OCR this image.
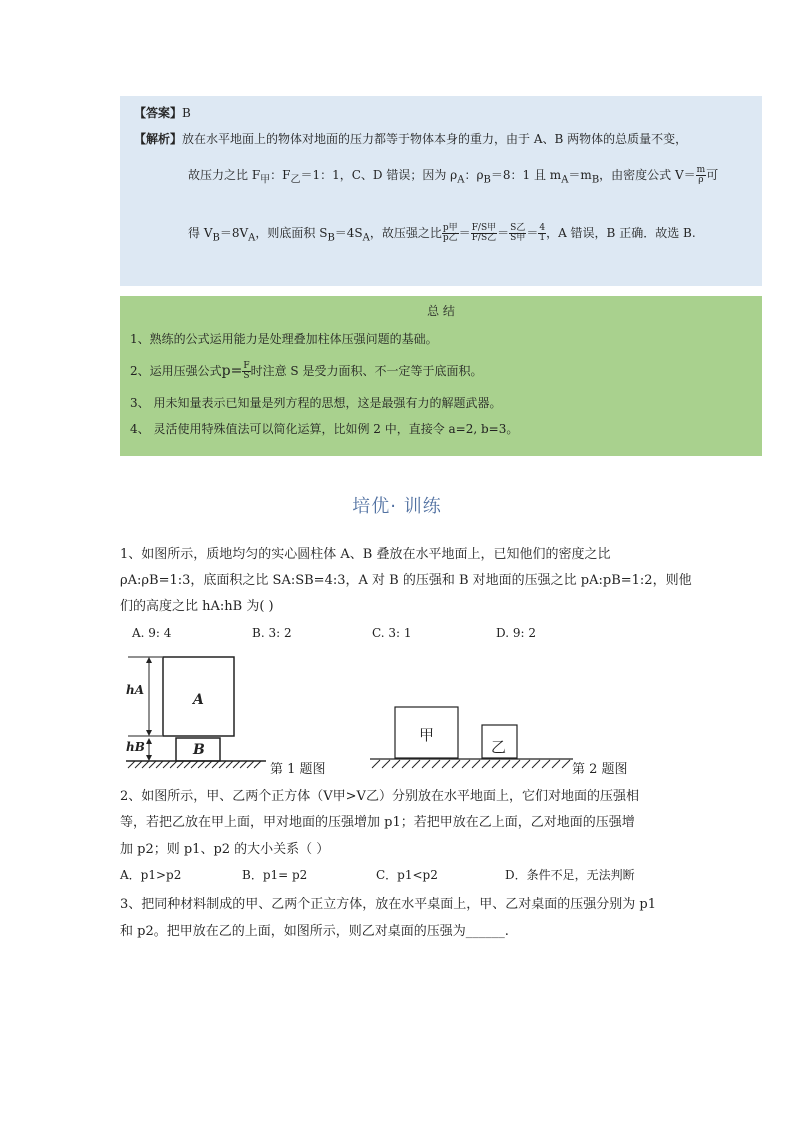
【答案】B
【解析】放在水平地面上的物体对地面的压力都等于物体本身的重力，由于 A、B 两物体的总质量不变，
故压力之比 $F_甲$：$F_乙=1$：1，C、D 错误；因为 $\rho_A$：$\rho_B=8$：1 且 $m_A=m_B$，由密度公式 $V= \frac{m}{\rho}$ 可
得 $V_B=8V_A$，则底面积 $S_B=4S_A$，故压强之比 $\frac{\text{p甲}}{\text{p乙}} = \frac{\text{F/S甲}}{\text{F/S乙}} = \frac{\text{S乙}}{\text{S甲}} = \frac{4}{1}$ ，A 错误，B 正确．故选 B.
总 结
1、熟练的公式运用能力是处理叠加柱体压强问题的基础。
2、运用压强公式$p= \frac{F}{S}$ 时注意 S 是受力面积、不一定等于底面积。
3、 用未知量表示已知量是列方程的思想，这是最强有力的解题武器。
4、 灵活使用特殊值法可以简化运算，比如例 2 中，直接令 a=2, b=3。
培优· 训练
1、如图所示，质地均匀的实心圆柱体 A、B 叠放在水平地面上，已知他们的密度之比
ρA:ρB=1:3，底面积之比 SA:SB=4:3，A 对 B 的压强和 B 对地面的压强之比 pA:pB=1:2，则他
们的高度之比 hA:hB 为( )
A. 9: 4	B. 3: 2	C. 3: 1	D. 9: 2
hA
hB
A
B
第 1 题图
甲
乙
第 2 题图
2、如图所示，甲、乙两个正方体（V甲>V乙）分别放在水平地面上，它们对地面的压强相
等，若把乙放在甲上面，甲对地面的压强增加 p1；若把甲放在乙上面，乙对地面的压强增
加 p2；则 p1、p2 的大小关系（ ）
A．p1>p2	B．p1= p2	C．p1<p2	D．条件不足，无法判断
3、把同种材料制成的甲、乙两个正立方体，放在水平桌面上，甲、乙对桌面的压强分别为 p1
和 p2。把甲放在乙的上面，如图所示，则乙对桌面的压强为______.
